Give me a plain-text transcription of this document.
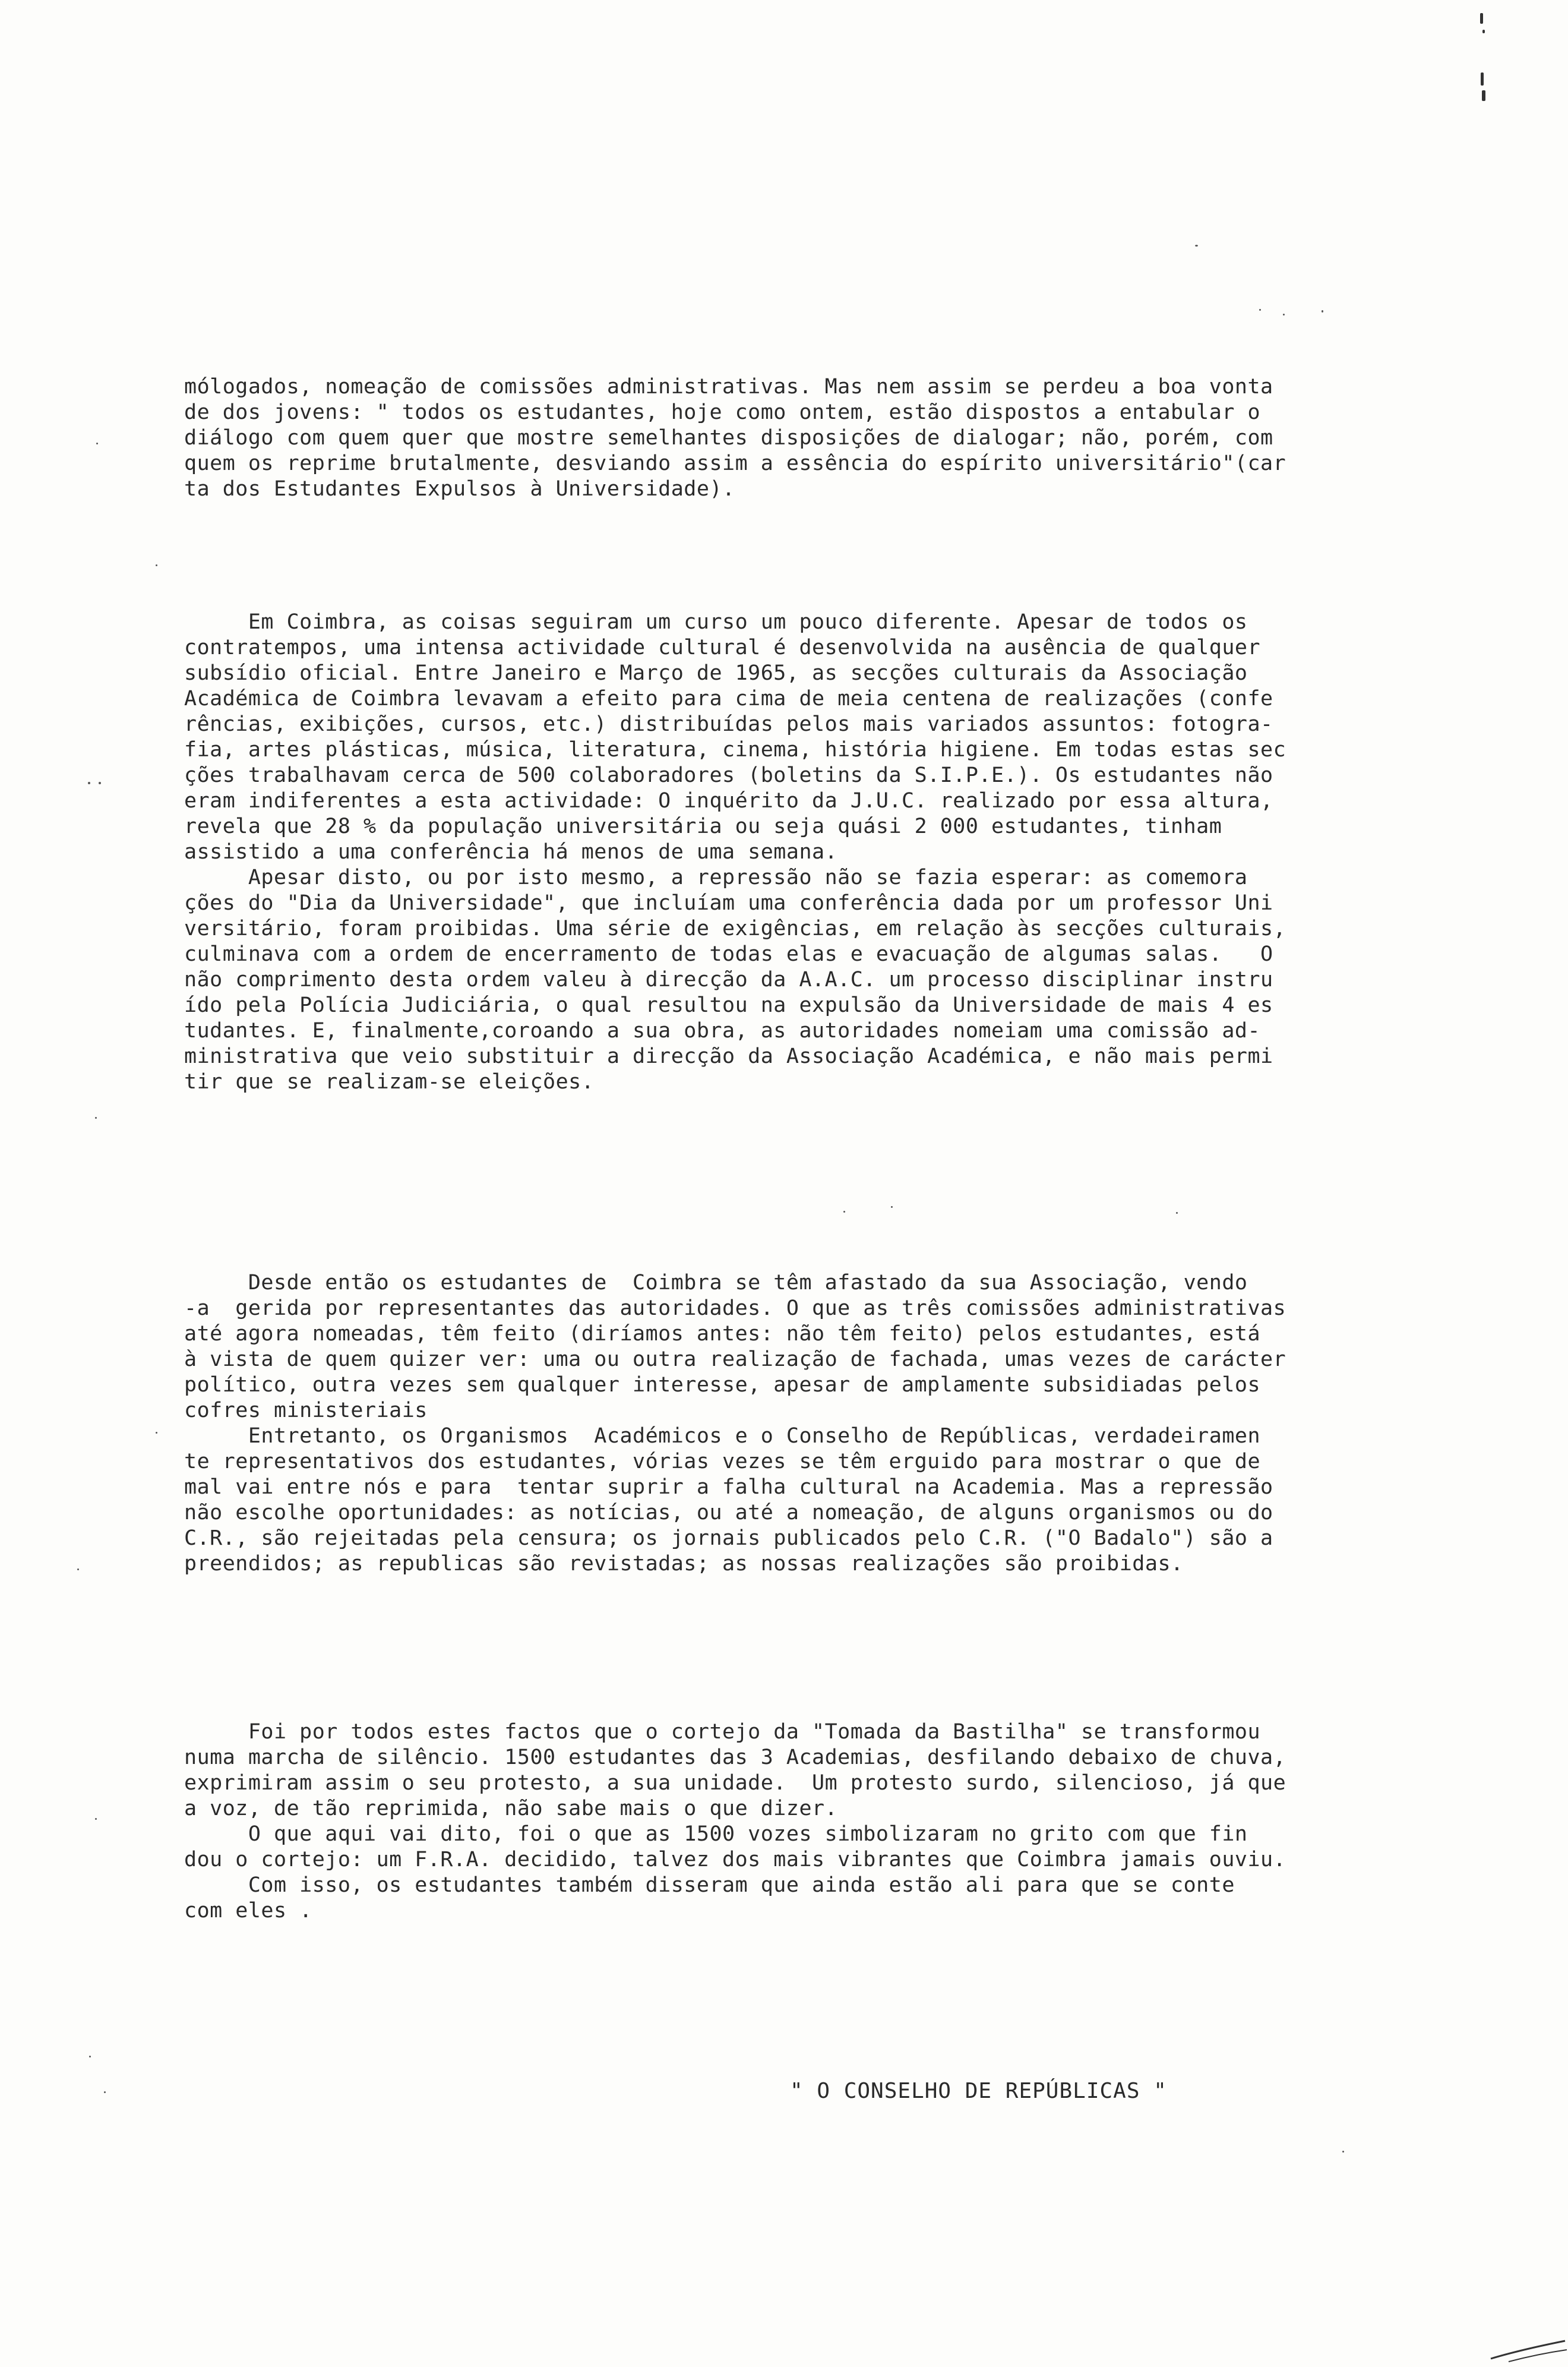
mólogados, nomeação de comissões administrativas. Mas nem assim se perdeu a boa vonta
de dos jovens: " todos os estudantes, hoje como ontem, estão dispostos a entabular o
diálogo com quem quer que mostre semelhantes disposições de dialogar; não, porém, com
quem os reprime brutalmente, desviando assim a essência do espírito universitário"(car
ta dos Estudantes Expulsos à Universidade).
Em Coimbra, as coisas seguiram um curso um pouco diferente. Apesar de todos os
contratempos, uma intensa actividade cultural é desenvolvida na ausência de qualquer
subsídio oficial. Entre Janeiro e Março de 1965, as secções culturais da Associação
Académica de Coimbra levavam a efeito para cima de meia centena de realizações (confe
rências, exibições, cursos, etc.) distribuídas pelos mais variados assuntos: fotogra-
fia, artes plásticas, música, literatura, cinema, história higiene. Em todas estas sec
ções trabalhavam cerca de 500 colaboradores (boletins da S.I.P.E.). Os estudantes não
eram indiferentes a esta actividade: O inquérito da J.U.C. realizado por essa altura,
revela que 28 % da população universitária ou seja quási 2 000 estudantes, tinham
assistido a uma conferência há menos de uma semana.
Apesar disto, ou por isto mesmo, a repressão não se fazia esperar: as comemora
ções do "Dia da Universidade", que incluíam uma conferência dada por um professor Uni
versitário, foram proibidas. Uma série de exigências, em relação às secções culturais,
culminava com a ordem de encerramento de todas elas e evacuação de algumas salas.   O
não comprimento desta ordem valeu à direcção da A.A.C. um processo disciplinar instru
ído pela Polícia Judiciária, o qual resultou na expulsão da Universidade de mais 4 es
tudantes. E, finalmente,coroando a sua obra, as autoridades nomeiam uma comissão ad-
ministrativa que veio substituir a direcção da Associação Académica, e não mais permi
tir que se realizam-se eleições.
Desde então os estudantes de  Coimbra se têm afastado da sua Associação, vendo
-a  gerida por representantes das autoridades. O que as três comissões administrativas
até agora nomeadas, têm feito (diríamos antes: não têm feito) pelos estudantes, está
à vista de quem quizer ver: uma ou outra realização de fachada, umas vezes de carácter
político, outra vezes sem qualquer interesse, apesar de amplamente subsidiadas pelos
cofres ministeriais
Entretanto, os Organismos  Académicos e o Conselho de Repúblicas, verdadeiramen
te representativos dos estudantes, vórias vezes se têm erguido para mostrar o que de
mal vai entre nós e para  tentar suprir a falha cultural na Academia. Mas a repressão
não escolhe oportunidades: as notícias, ou até a nomeação, de alguns organismos ou do
C.R., são rejeitadas pela censura; os jornais publicados pelo C.R. ("O Badalo") são a
preendidos; as republicas são revistadas; as nossas realizações são proibidas.
Foi por todos estes factos que o cortejo da "Tomada da Bastilha" se transformou
numa marcha de silêncio. 1500 estudantes das 3 Academias, desfilando debaixo de chuva,
exprimiram assim o seu protesto, a sua unidade.  Um protesto surdo, silencioso, já que
a voz, de tão reprimida, não sabe mais o que dizer.
O que aqui vai dito, foi o que as 1500 vozes simbolizaram no grito com que fin
dou o cortejo: um F.R.A. decidido, talvez dos mais vibrantes que Coimbra jamais ouviu.
Com isso, os estudantes também disseram que ainda estão ali para que se conte
com eles .
" O CONSELHO DE REPÚBLICAS "
